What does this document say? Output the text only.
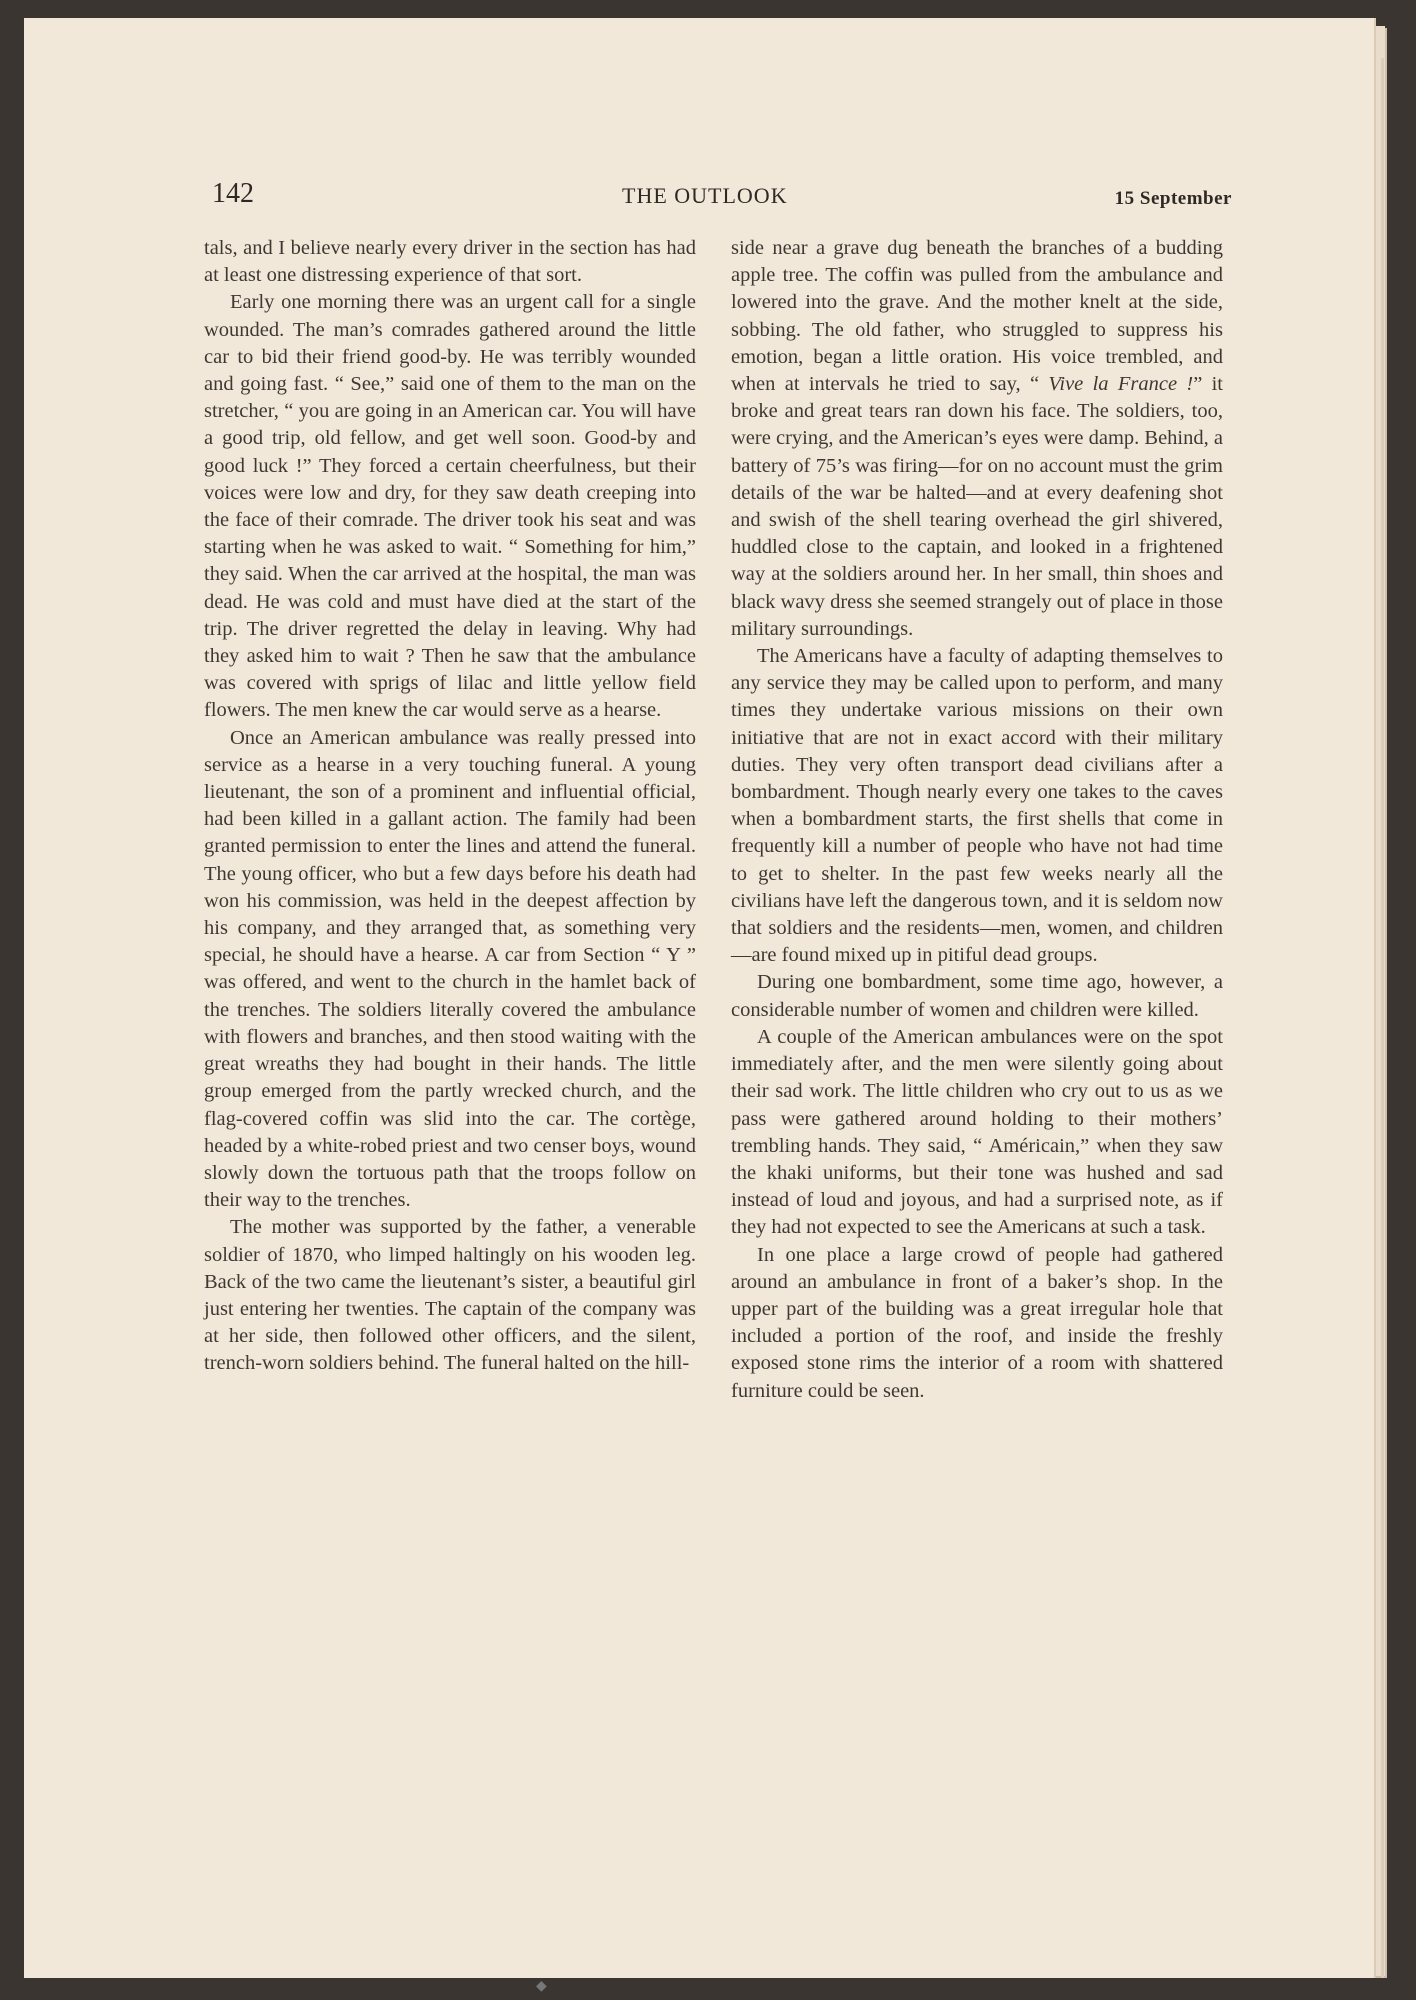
142	THE OUTLOOK	15 September

tals, and I believe nearly every driver in the section has had at least one distressing experience of that sort.

Early one morning there was an urgent call for a single wounded. The man’s comrades gathered around the little car to bid their friend good-by. He was terribly wounded and going fast. “ See,” said one of them to the man on the stretcher, “ you are going in an American car. You will have a good trip, old fellow, and get well soon. Good-by and good luck !” They forced a certain cheerfulness, but their voices were low and dry, for they saw death creeping into the face of their comrade. The driver took his seat and was starting when he was asked to wait. “ Something for him,” they said. When the car arrived at the hospital, the man was dead. He was cold and must have died at the start of the trip. The driver regretted the delay in leaving. Why had they asked him to wait ? Then he saw that the ambulance was covered with sprigs of lilac and little yellow field flowers. The men knew the car would serve as a hearse.

Once an American ambulance was really pressed into service as a hearse in a very touching funeral. A young lieutenant, the son of a prominent and influential official, had been killed in a gallant action. The family had been granted permission to enter the lines and attend the funeral. The young officer, who but a few days before his death had won his commission, was held in the deepest affection by his company, and they arranged that, as something very special, he should have a hearse. A car from Section “ Y ” was offered, and went to the church in the hamlet back of the trenches. The soldiers literally covered the ambulance with flowers and branches, and then stood waiting with the great wreaths they had bought in their hands. The little group emerged from the partly wrecked church, and the flag-covered coffin was slid into the car. The cortège, headed by a white-robed priest and two censer boys, wound slowly down the tortuous path that the troops follow on their way to the trenches.

The mother was supported by the father, a venerable soldier of 1870, who limped haltingly on his wooden leg. Back of the two came the lieutenant’s sister, a beautiful girl just entering her twenties. The captain of the company was at her side, then followed other officers, and the silent, trench-worn soldiers behind. The funeral halted on the hill-

side near a grave dug beneath the branches of a budding apple tree. The coffin was pulled from the ambulance and lowered into the grave. And the mother knelt at the side, sobbing. The old father, who struggled to suppress his emotion, began a little oration. His voice trembled, and when at intervals he tried to say, “ Vive la France !” it broke and great tears ran down his face. The soldiers, too, were crying, and the American’s eyes were damp. Behind, a battery of 75’s was firing—for on no account must the grim details of the war be halted—and at every deafening shot and swish of the shell tearing overhead the girl shivered, huddled close to the captain, and looked in a frightened way at the soldiers around her. In her small, thin shoes and black wavy dress she seemed strangely out of place in those military surroundings.

The Americans have a faculty of adapting themselves to any service they may be called upon to perform, and many times they undertake various missions on their own initiative that are not in exact accord with their military duties. They very often transport dead civilians after a bombardment. Though nearly every one takes to the caves when a bombardment starts, the first shells that come in frequently kill a number of people who have not had time to get to shelter. In the past few weeks nearly all the civilians have left the dangerous town, and it is seldom now that soldiers and the residents—men, women, and children—are found mixed up in pitiful dead groups.

During one bombardment, some time ago, however, a considerable number of women and children were killed.

A couple of the American ambulances were on the spot immediately after, and the men were silently going about their sad work. The little children who cry out to us as we pass were gathered around holding to their mothers’ trembling hands. They said, “ Américain,” when they saw the khaki uniforms, but their tone was hushed and sad instead of loud and joyous, and had a surprised note, as if they had not expected to see the Americans at such a task.

In one place a large crowd of people had gathered around an ambulance in front of a baker’s shop. In the upper part of the building was a great irregular hole that included a portion of the roof, and inside the freshly exposed stone rims the interior of a room with shattered furniture could be seen.

◆
